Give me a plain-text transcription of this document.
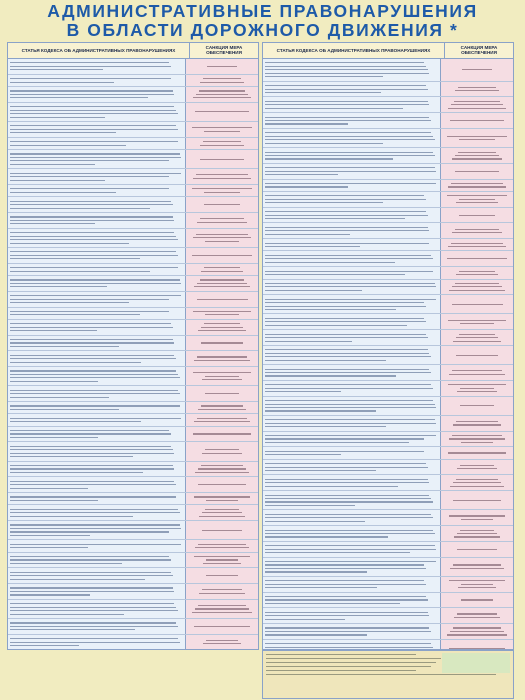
АДМИНИСТРАТИВНЫЕ ПРАВОНАРУШЕНИЯ
В ОБЛАСТИ ДОРОЖНОГО ДВИЖЕНИЯ *
СТАТЬЯ КОДЕКСА ОБ АДМИНИСТРАТИВНЫХ ПРАВОНАРУШЕНИЯХ
САНКЦИЯ МЕРА ОБЕСПЕЧЕНИЯ	СТАТЬЯ КОДЕКСА ОБ АДМИНИСТРАТИВНЫХ ПРАВОНАРУШЕНИЯХ
САНКЦИЯ МЕРА ОБЕСПЕЧЕНИЯ
